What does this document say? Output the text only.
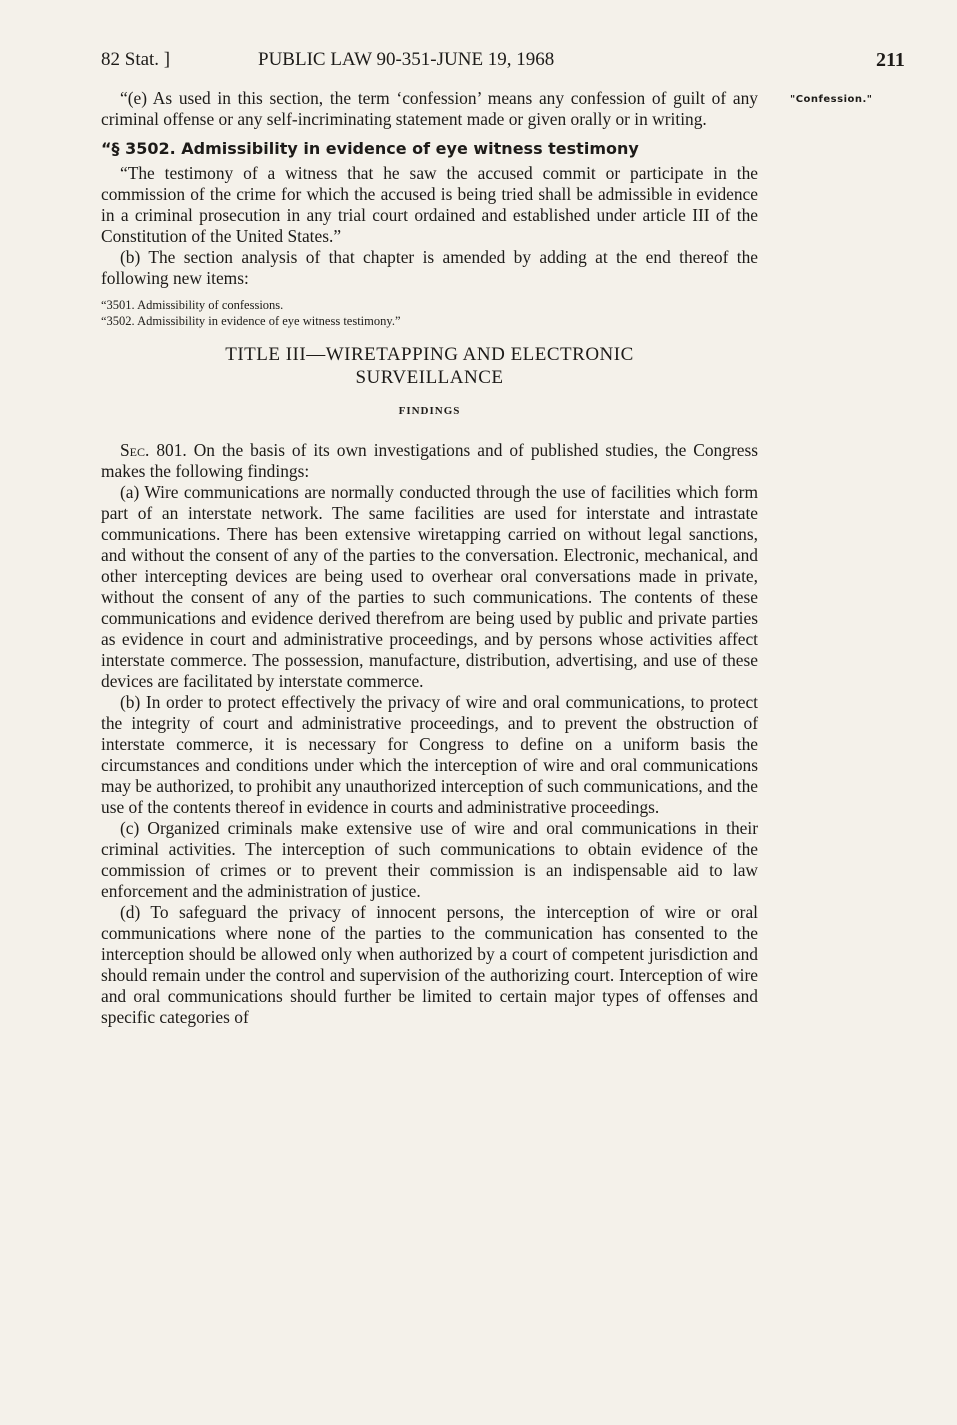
82 Stat. ]	PUBLIC LAW 90-351-JUNE 19, 1968	211
"Confession."

“(e) As used in this section, the term ‘confession’ means any confession of guilt of any criminal offense or any self-incriminating statement made or given orally or in writing.

“§ 3502. Admissibility in evidence of eye witness testimony

“The testimony of a witness that he saw the accused commit or participate in the commission of the crime for which the accused is being tried shall be admissible in evidence in a criminal prosecution in any trial court ordained and established under article III of the Constitution of the United States.”

(b) The section analysis of that chapter is amended by adding at the end thereof the following new items:

“3501. Admissibility of confessions.
“3502. Admissibility in evidence of eye witness testimony.”
TITLE III—WIRETAPPING AND ELECTRONIC
SURVEILLANCE
FINDINGS

Sec. 801. On the basis of its own investigations and of published studies, the Congress makes the following findings:

(a) Wire communications are normally conducted through the use of facilities which form part of an interstate network. The same facilities are used for interstate and intrastate communications. There has been extensive wiretapping carried on without legal sanctions, and without the consent of any of the parties to the conversation. Electronic, mechanical, and other intercepting devices are being used to overhear oral conversations made in private, without the consent of any of the parties to such communications. The contents of these communications and evidence derived therefrom are being used by public and private parties as evidence in court and administrative proceedings, and by persons whose activities affect interstate commerce. The possession, manufacture, distribution, advertising, and use of these devices are facilitated by interstate commerce.

(b) In order to protect effectively the privacy of wire and oral communications, to protect the integrity of court and administrative proceedings, and to prevent the obstruction of interstate commerce, it is necessary for Congress to define on a uniform basis the circumstances and conditions under which the interception of wire and oral communications may be authorized, to prohibit any unauthorized interception of such communications, and the use of the contents thereof in evidence in courts and administrative proceedings.

(c) Organized criminals make extensive use of wire and oral communications in their criminal activities. The interception of such communications to obtain evidence of the commission of crimes or to prevent their commission is an indispensable aid to law enforcement and the administration of justice.

(d) To safeguard the privacy of innocent persons, the interception of wire or oral communications where none of the parties to the communication has consented to the interception should be allowed only when authorized by a court of competent jurisdiction and should remain under the control and supervision of the authorizing court. Interception of wire and oral communications should further be limited to certain major types of offenses and specific categories of
